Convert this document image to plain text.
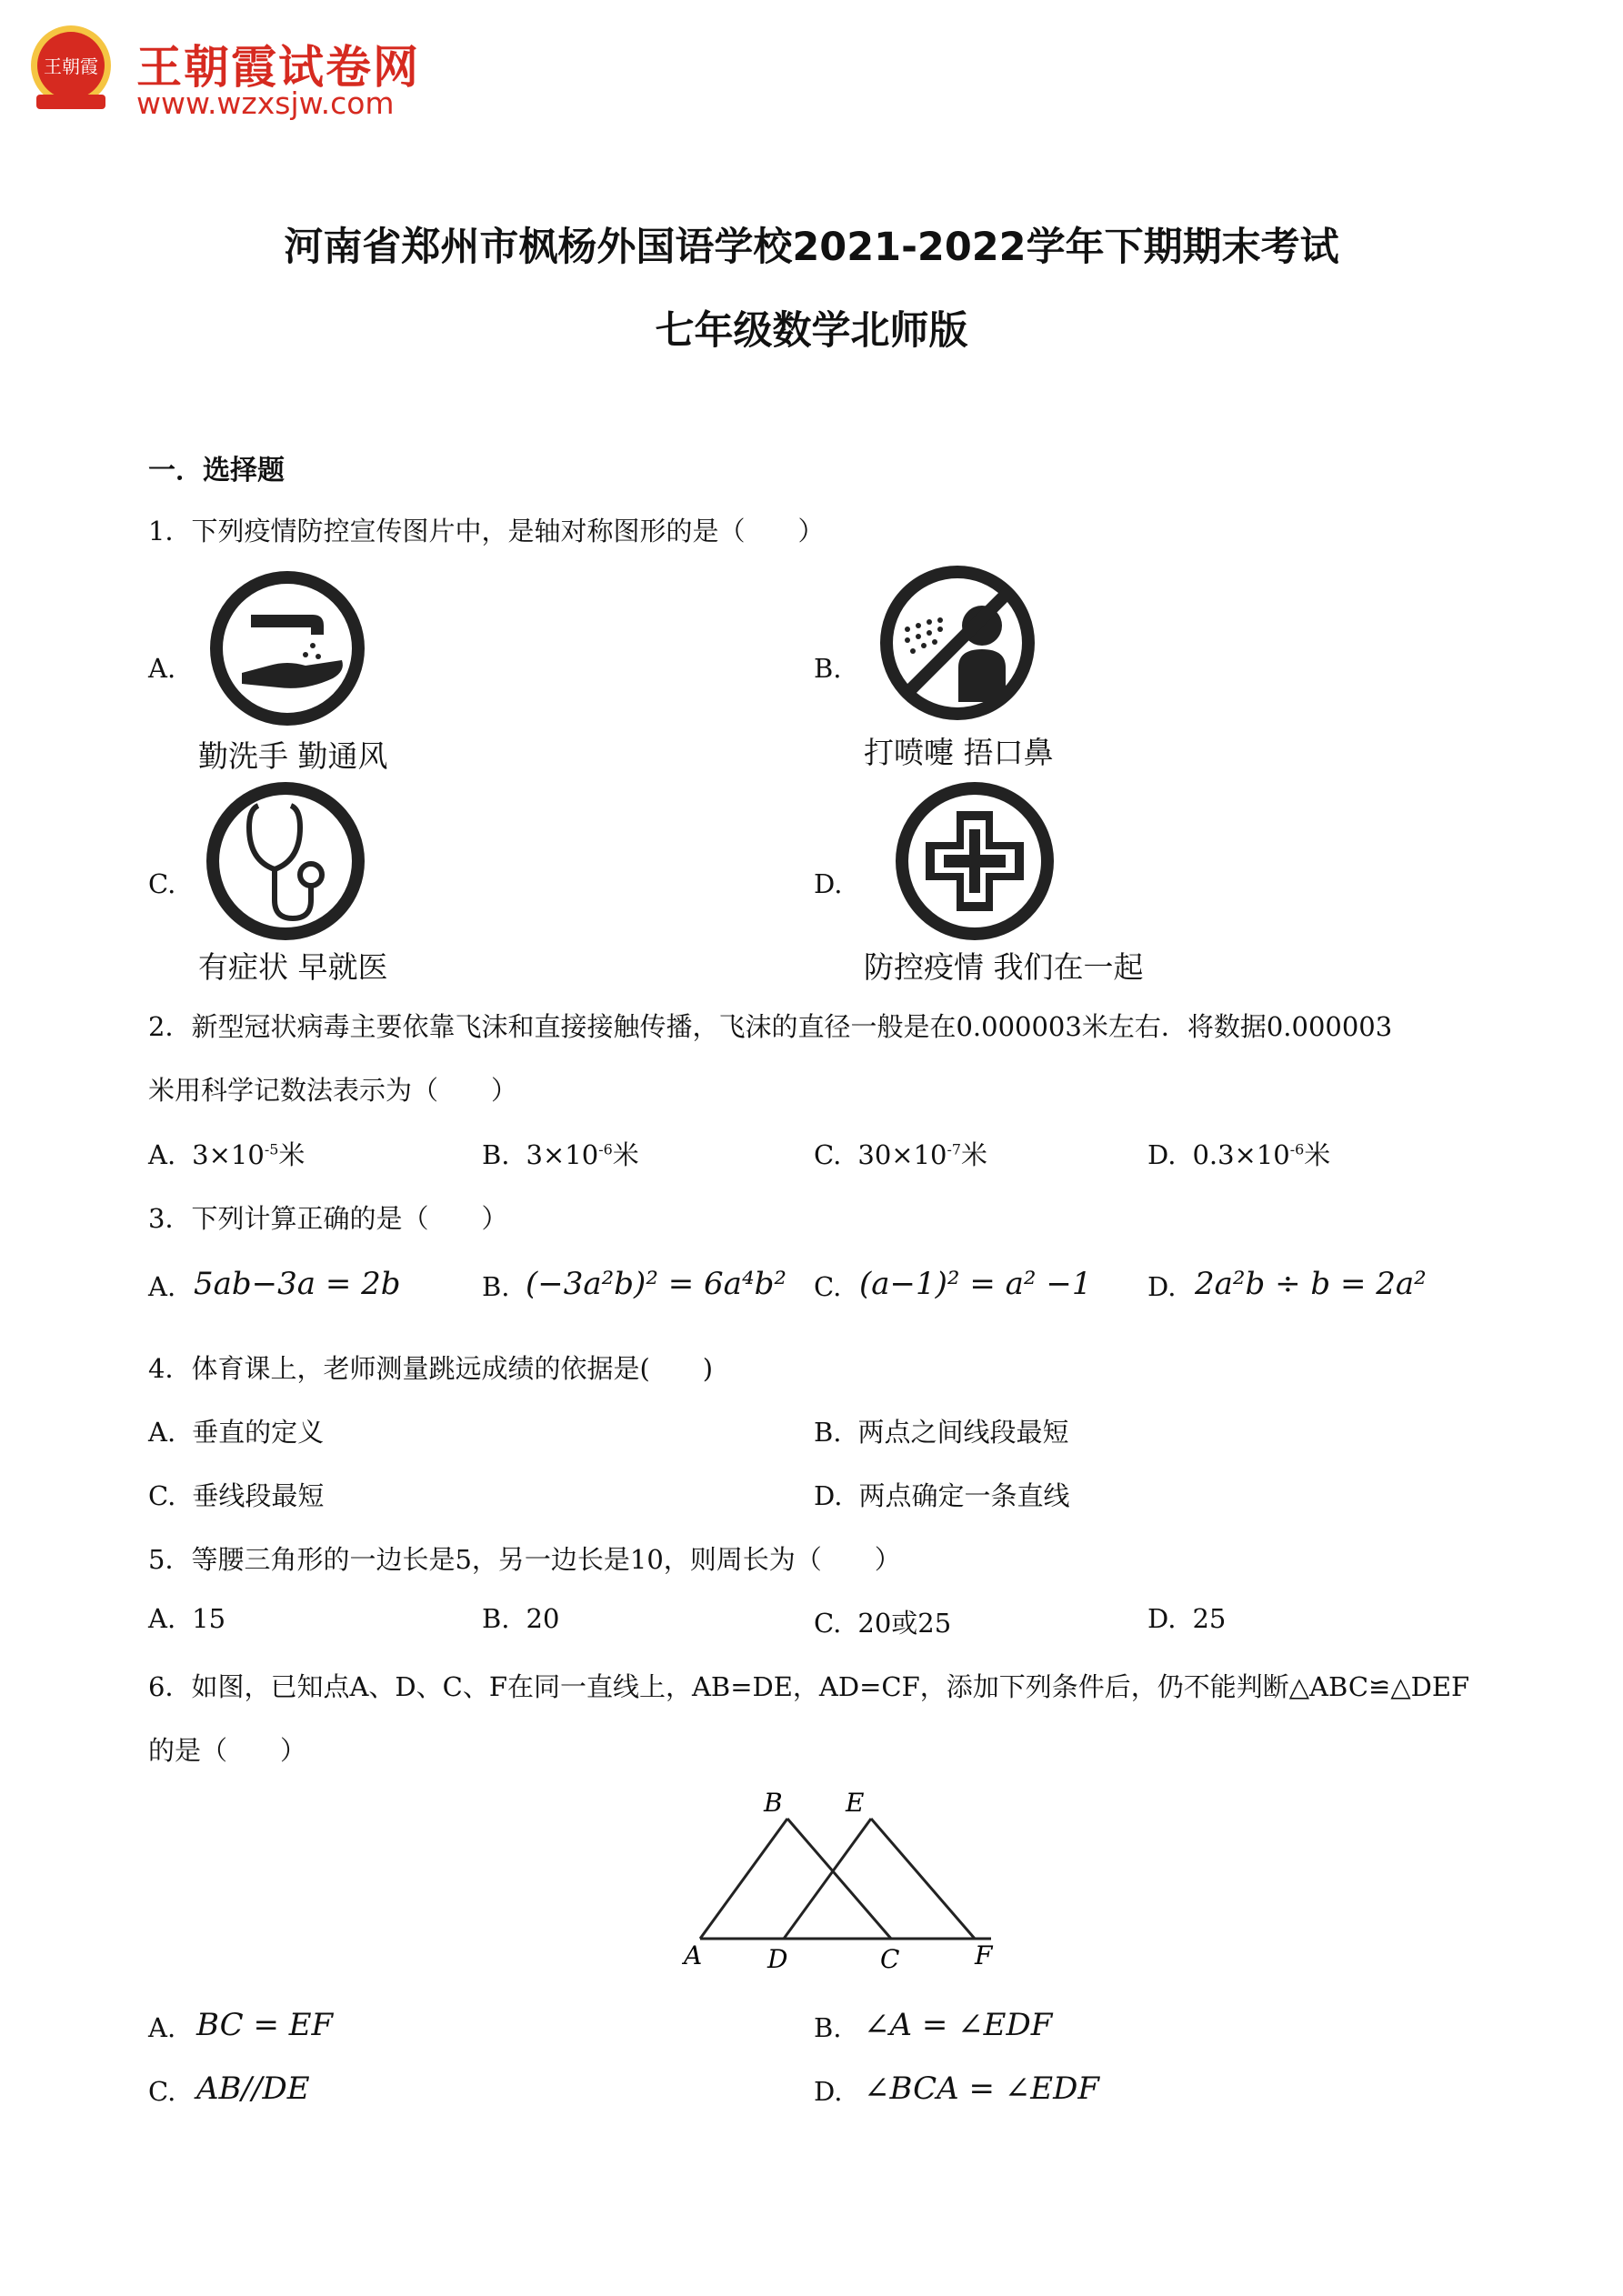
王朝霞 王朝霞试卷网
www.wzxsjw.com
河南省郑州市枫杨外国语学校2021-2022学年下期期末考试
七年级数学北师版
一．选择题
1．下列疫情防控宣传图片中，是轴对称图形的是（　　）
A.
勤洗手 勤通风
B.
打喷嚏 捂口鼻
C.
有症状 早就医
D.
防控疫情 我们在一起
2．新型冠状病毒主要依靠飞沫和直接接触传播，飞沫的直径一般是在0.000003米左右．将数据0.000003
米用科学记数法表示为（　　）
A. $3\times 10^{-5}$米	B. $3\times 10^{-6}$米	C. $30\times 10^{-7}$米	D. $0.3\times 10^{-6}$米
3．下列计算正确的是（　　）
A. 5ab−3a = 2b	B. (−3a²b)² = 6a⁴b² C. (a−1)² = a² −1 D. 2a²b ÷ b = 2a²
4．体育课上，老师测量跳远成绩的依据是(　　)
A. 垂直的定义	B. 两点之间线段最短
C. 垂线段最短	D. 两点确定一条直线
5．等腰三角形的一边长是5，另一边长是10，则周长为（　　）
A. 15	B. 20	C. 20或25	D. 25
6．如图，已知点A、D、C、F在同一直线上，AB=DE，AD=CF，添加下列条件后，仍不能判断△ABC≌△DEF
的是（　　）
B E
A	D	C	F
A. BC = EF	B. ∠A = ∠EDF
C. AB//DE	D. ∠BCA = ∠EDF
